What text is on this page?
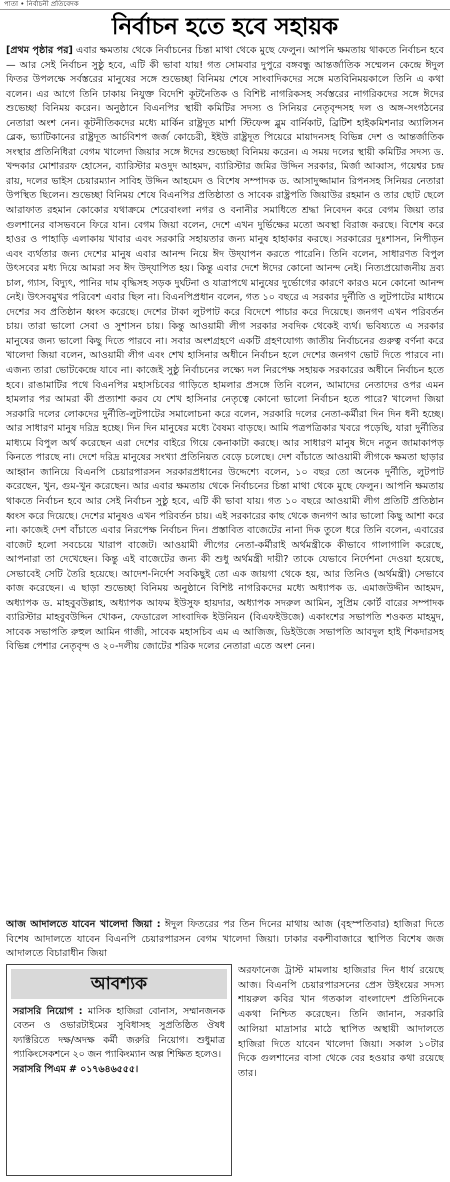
পাতা • নির্বাচনী প্রতিবেদক
নির্বাচন হতে হবে সহায়ক

[প্রথম পৃষ্ঠার পর] এবার ক্ষমতায় থেকে নির্বাচনের চিন্তা মাথা থেকে মুছে ফেলুন। আপনি ক্ষমতায় থাকতে নির্বাচন হবে— আর সেই নির্বাচন সুষ্ঠু হবে, এটি কী ভাবা যায়! গত সোমবার দুপুরে বঙ্গবন্ধু আন্তর্জাতিক সম্মেলন কেন্দ্রে ঈদুল ফিতর উপলক্ষে সর্বস্তরের মানুষের সঙ্গে শুভেচ্ছা বিনিময় শেষে সাংবাদিকদের সঙ্গে মতবিনিময়কালে তিনি এ কথা বলেন। এর আগে তিনি ঢাকায় নিযুক্ত বিদেশি কূটনৈতিক ও বিশিষ্ট নাগরিকসহ সর্বস্তরের নাগরিকদের সঙ্গে ঈদের শুভেচ্ছা বিনিময় করেন। অনুষ্ঠানে বিএনপির স্থায়ী কমিটির সদস্য ও সিনিয়র নেতৃবৃন্দসহ দল ও অঙ্গ-সংগঠনের নেতারা অংশ নেন। কূটনীতিকদের মধ্যে মার্কিন রাষ্ট্রদূত মার্শা স্টিফেন্স ব্লুম বার্নিকাট, ব্রিটিশ হাইকমিশনার অ্যালিসন ব্লেক, ভ্যাটিকানের রাষ্ট্রদূত আর্চবিশপ জর্জ কোচেরী, ইইউ রাষ্ট্রদূত পিয়েরে মায়াদনসহ বিভিন্ন দেশ ও আন্তর্জাতিক সংস্থার প্রতিনিধিরা বেগম খালেদা জিয়ার সঙ্গে ঈদের শুভেচ্ছা বিনিময় করেন। এ সময় দলের স্থায়ী কমিটির সদস্য ড. খন্দকার মোশাররফ হোসেন, ব্যারিস্টার মওদুদ আহমদ, ব্যারিস্টার জমির উদ্দিন সরকার, মির্জা আব্বাস, গয়েশ্বর চন্দ্র রায়, দলের ভাইস চেয়ারম্যান সাবিহ উদ্দিন আহমেদ ও বিশেষ সম্পাদক ড. আসাদুজ্জামান রিপনসহ সিনিয়র নেতারা উপস্থিত ছিলেন। শুভেচ্ছা বিনিময় শেষে বিএনপির প্রতিষ্ঠাতা ও সাবেক রাষ্ট্রপতি জিয়াউর রহমান ও তার ছোট ছেলে আরাফাত রহমান কোকোর যথাক্রমে শেরেবাংলা নগর ও বনানীর সমাধিতে শ্রদ্ধা নিবেদন করে বেগম জিয়া তার গুলশানের বাসভবনে ফিরে যান। বেগম জিয়া বলেন, দেশে এখন দুর্ভিক্ষের মতো অবস্থা বিরাজ করছে। বিশেষ করে হাওর ও পাহাড়ি এলাকায় খাবার এবং সরকারি সহায়তার জন্য মানুষ হাহাকার করছে। সরকারের দুঃশাসন, নিপীড়ন এবং ব্যর্থতার জন্য দেশের মানুষ এবার আনন্দ নিয়ে ঈদ উদ্‌যাপন করতে পারেনি। তিনি বলেন, সাধারণত বিপুল উৎসবের মধ্য দিয়ে আমরা সব ঈদ উদ্‌যাপিত হয়। কিন্তু এবার দেশে ঈদের কোনো আনন্দ নেই। নিত্যপ্রয়োজনীয় দ্রব্য চাল, গ্যাস, বিদ্যুৎ, পানির দাম বৃদ্ধিসহ সড়ক দুর্ঘটনা ও যাত্রাপথে মানুষের দুর্ভোগের কারণে কারও মনে কোনো আনন্দ নেই। উৎসবমুখর পরিবেশ এবার ছিল না। বিএনপিপ্রধান বলেন, গত ১০ বছরে এ সরকার দুর্নীতি ও লুটপাটের মাধ্যমে দেশের সব প্রতিষ্ঠান ধ্বংস করেছে। দেশের টাকা লুটপাট করে বিদেশে পাচার করে দিয়েছে। জনগণ এখন পরিবর্তন চায়। তারা ভালো সেবা ও সুশাসন চায়। কিন্তু আওয়ামী লীগ সরকার সবদিক থেকেই ব্যর্থ। ভবিষ্যতে এ সরকার মানুষের জন্য ভালো কিছু দিতে পারবে না। সবার অংশগ্রহণে একটি গ্রহণযোগ্য জাতীয় নির্বাচনের গুরুত্ব বর্ণনা করে খালেদা জিয়া বলেন, আওয়ামী লীগ এবং শেখ হাসিনার অধীনে নির্বাচন হলে দেশের জনগণ ভোট দিতে পারবে না। এজন্য তারা ভোটকেন্দ্রে যাবে না। কাজেই সুষ্ঠু নির্বাচনের লক্ষ্যে দল নিরপেক্ষ সহায়ক সরকারের অধীনে নির্বাচন হতে হবে। রাঙামাটির পথে বিএনপির মহাসচিবের গাড়িতে হামলার প্রসঙ্গে তিনি বলেন, আমাদের নেতাদের ওপর এমন হামলার পর আমরা কী প্রত্যাশা করব যে শেখ হাসিনার নেতৃত্বে কোনো ভালো নির্বাচন হতে পারে? খালেদা জিয়া সরকারি দলের লোকদের দুর্নীতি-লুটপাটের সমালোচনা করে বলেন, সরকারি দলের নেতা-কর্মীরা দিন দিন ধনী হচ্ছে। আর সাধারণ মানুষ দরিদ্র হচ্ছে। দিন দিন মানুষের মধ্যে বৈষম্য বাড়ছে। আমি পত্রপত্রিকার খবরে পড়েছি, যারা দুর্নীতির মাধ্যমে বিপুল অর্থ করেছেন এরা দেশের বাইরে গিয়ে কেনাকাটা করছে। আর সাধারণ মানুষ ঈদে নতুন জামাকাপড় কিনতে পারছে না। দেশে দরিদ্র মানুষের সংখ্যা প্রতিনিয়ত বেড়ে চলেছে। দেশ বাঁচাতে আওয়ামী লীগকে ক্ষমতা ছাড়ার আহ্বান জানিয়ে বিএনপি চেয়ারপারসন সরকারপ্রধানের উদ্দেশ্যে বলেন, ১০ বছর তো অনেক দুর্নীতি, লুটপাট করেছেন, খুন, গুম-খুন করেছেন। আর এবার ক্ষমতায় থেকে নির্বাচনের চিন্তা মাথা থেকে মুছে ফেলুন। আপনি ক্ষমতায় থাকতে নির্বাচন হবে আর সেই নির্বাচন সুষ্ঠু হবে, এটি কী ভাবা যায়। গত ১০ বছরে আওয়ামী লীগ প্রতিটি প্রতিষ্ঠান ধ্বংস করে দিয়েছে। দেশের মানুষও এখন পরিবর্তন চায়। এই সরকারের কাছ থেকে জনগণ আর ভালো কিছু আশা করে না। কাজেই দেশ বাঁচাতে এবার নিরপেক্ষ নির্বাচন দিন। প্রস্তাবিত বাজেটের নানা দিক তুলে ধরে তিনি বলেন, এবারের বাজেট হলো সবচেয়ে খারাপ বাজেট। আওয়ামী লীগের নেতা-কর্মীরাই অর্থমন্ত্রীকে কীভাবে গালাগালি করেছে, আপনারা তা দেখেছেন। কিন্তু এই বাজেটের জন্য কী শুধু অর্থমন্ত্রী দায়ী? তাকে যেভাবে নির্দেশনা দেওয়া হয়েছে, সেভাবেই সেটি তৈরি হয়েছে। আদেশ-নির্দেশ সবকিছুই তো এক জায়গা থেকে হয়, আর তিনিও (অর্থমন্ত্রী) সেভাবে কাজ করেছেন। এ ছাড়া শুভেচ্ছা বিনিময় অনুষ্ঠানে বিশিষ্ট নাগরিকদের মধ্যে অধ্যাপক ড. এমাজউদ্দীন আহমদ, অধ্যাপক ড. মাহবুবউল্লাহ, অধ্যাপক আফম ইউসুফ হায়দার, অধ্যাপক সদরুল আমিন, সুপ্রিম কোর্ট বারের সম্পাদক ব্যারিস্টার মাহবুবউদ্দিন খোকন, ফেডারেল সাংবাদিক ইউনিয়ন (বিএফইউজে) একাংশের সভাপতি শওকত মাহমুদ, সাবেক সভাপতি রুহুল আমিন গাজী, সাবেক মহাসচিব এম এ আজিজ, ডিইউজে সভাপতি আবদুল হাই শিকদারসহ বিভিন্ন পেশার নেতৃবৃন্দ ও ২০-দলীয় জোটের শরিক দলের নেতারা এতে অংশ নেন।

আজ আদালতে যাবেন খালেদা জিয়া : ঈদুল ফিতরের পর তিন দিনের মাথায় আজ (বৃহস্পতিবার) হাজিরা দিতে বিশেষ আদালতে যাবেন বিএনপি চেয়ারপারসন বেগম খালেদা জিয়া। ঢাকার বকশীবাজারে স্থাপিত বিশেষ জজ আদালতে বিচারাধীন জিয়া
আবশ্যক

সরাসরি নিয়োগ : মাসিক হাজিরা বোনাস, সম্মানজনক বেতন ও ওভারটাইমের সুবিধাসহ সুপ্রতিষ্ঠিত ঔষধ ফ্যাক্টরিতে দক্ষ/অদক্ষ কর্মী জরুরি নিয়োগ। শুধুমাত্র প্যাকিংসেকশনে ২০ জন প্যাকিংম্যান অল্প শিক্ষিত হলেও।
সরাসরি পিএম # ০১৭৬৪৬৫৫৫।

অরফানেজ ট্রাস্ট মামলায় হাজিরার দিন ধার্য রয়েছে আজ। বিএনপি চেয়ারপারসনের প্রেস উইংয়ের সদস্য শায়রুল কবির খান গতকাল বাংলাদেশ প্রতিদিনকে একথা নিশ্চিত করেছেন। তিনি জানান, সরকারি আলিয়া মাদ্রাসার মাঠে স্থাপিত অস্থায়ী আদালতে হাজিরা দিতে যাবেন খালেদা জিয়া। সকাল ১০টার দিকে গুলশানের বাসা থেকে বের হওয়ার কথা রয়েছে তার।
